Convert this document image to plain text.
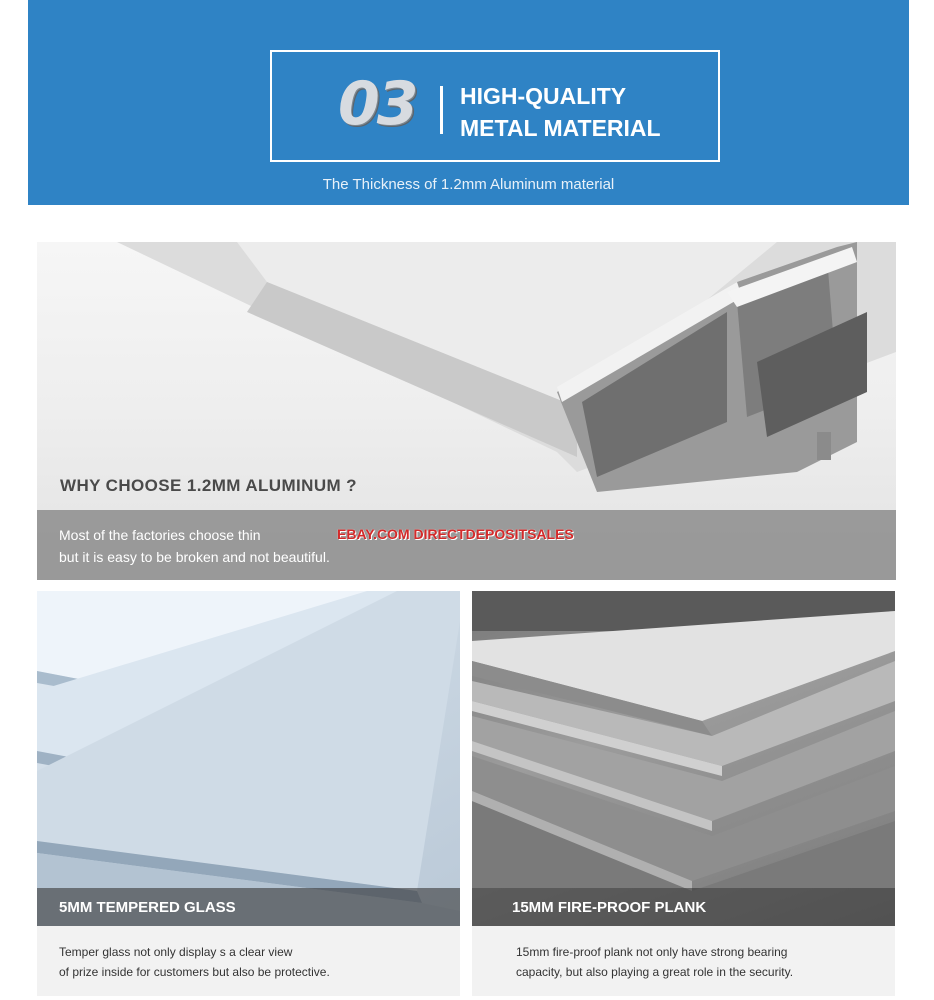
03 HIGH-QUALITY
METAL MATERIAL
The Thickness of 1.2mm Aluminum material
WHY CHOOSE 1.2MM ALUMINUM ?
Most of the factories choose thin
but it is easy to be broken and not beautiful.
EBAY.COM DIRECTDEPOSITSALES
5MM TEMPERED GLASS
Temper glass not only display s a clear view
of prize inside for customers but also be protective.
15MM FIRE-PROOF PLANK
15mm fire-proof plank not only have strong bearing
capacity, but also playing a great role in the security.
